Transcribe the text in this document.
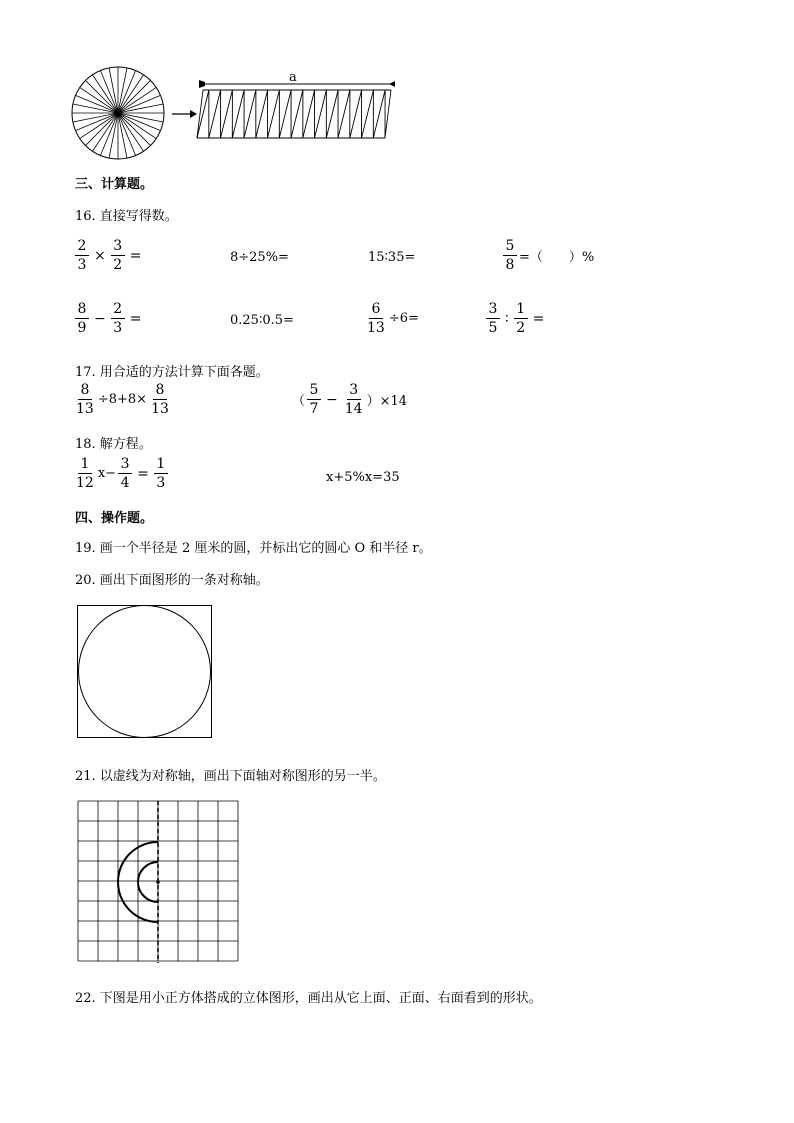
a
三、计算题。
16. 直接写得数。
$\frac{2}{3} \times \frac{3}{2}$ =	8÷25%=	15∶35=	$\frac{5}{8}$ =（　　）%
$\frac{8}{9} - \frac{2}{3}$ =	0.25∶0.5=	$\frac{6}{13} \div 6=$	$\frac{3}{5}$ ∶ $\frac{1}{2}$ =
17. 用合适的方法计算下面各题。
$\frac{8}{13} \div 8+8\times \frac{8}{13}$	（ $\frac{5}{7} - \frac{3}{14} )\times 14$
18. 解方程。
$\frac{1}{12} x- \frac{3}{4} = \frac{1}{3}$	x+5%x=35
四、操作题。
19. 画一个半径是 2 厘米的圆，并标出它的圆心 O 和半径 r。
20. 画出下面图形的一条对称轴。
21. 以虚线为对称轴，画出下面轴对称图形的另一半。
22. 下图是用小正方体搭成的立体图形，画出从它上面、正面、右面看到的形状。
